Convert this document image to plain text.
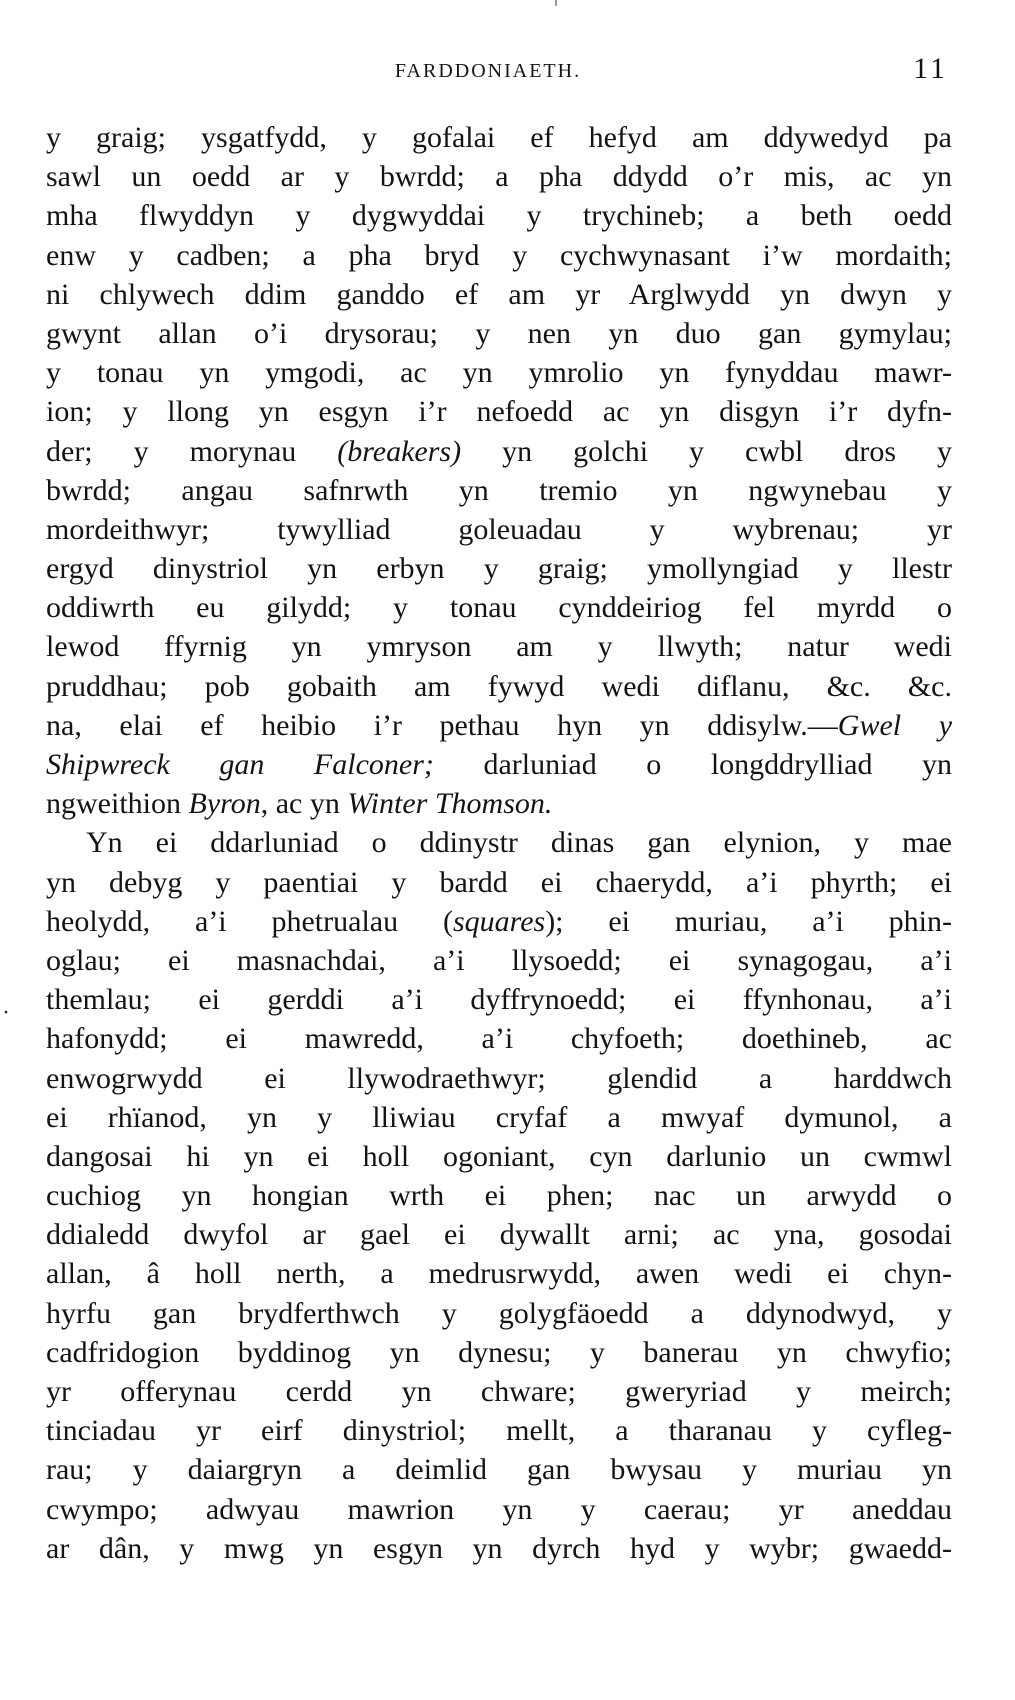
FARDDONIAETH.	11
·
y graig; ysgatfydd, y gofalai ef hefyd am ddywedyd pa
sawl un oedd ar y bwrdd; a pha ddydd o’r mis, ac yn
mha flwyddyn y dygwyddai y trychineb; a beth oedd
enw y cadben; a pha bryd y cychwynasant i’w mordaith;
ni chlywech ddim ganddo ef am yr Arglwydd yn dwyn y
gwynt allan o’i drysorau; y nen yn duo gan gymylau;
y tonau yn ymgodi, ac yn ymrolio yn fynyddau mawr-
ion; y llong yn esgyn i’r nefoedd ac yn disgyn i’r dyfn-
der; y morynau (breakers) yn golchi y cwbl dros y
bwrdd; angau safnrwth yn tremio yn ngwynebau y
mordeithwyr; tywylliad goleuadau y wybrenau; yr
ergyd dinystriol yn erbyn y graig; ymollyngiad y llestr
oddiwrth eu gilydd; y tonau cynddeiriog fel myrdd o
lewod ffyrnig yn ymryson am y llwyth; natur wedi
pruddhau; pob gobaith am fywyd wedi diflanu, &c. &c.
na, elai ef heibio i’r pethau hyn yn ddisylw.—Gwel y
Shipwreck gan Falconer; darluniad o longddrylliad yn
ngweithion Byron, ac yn Winter Thomson.
Yn ei ddarluniad o ddinystr dinas gan elynion, y mae
yn debyg y paentiai y bardd ei chaerydd, a’i phyrth; ei
heolydd, a’i phetrualau (squares); ei muriau, a’i phin-
oglau; ei masnachdai, a’i llysoedd; ei synagogau, a’i
themlau; ei gerddi a’i dyffrynoedd; ei ffynhonau, a’i
hafonydd; ei mawredd, a’i chyfoeth; doethineb, ac
enwogrwydd ei llywodraethwyr; glendid a harddwch
ei rhïanod, yn y lliwiau cryfaf a mwyaf dymunol, a
dangosai hi yn ei holl ogoniant, cyn darlunio un cwmwl
cuchiog yn hongian wrth ei phen; nac un arwydd o
ddialedd dwyfol ar gael ei dywallt arni; ac yna, gosodai
allan, â holl nerth, a medrusrwydd, awen wedi ei chyn-
hyrfu gan brydferthwch y golygfäoedd a ddynodwyd, y
cadfridogion byddinog yn dynesu; y banerau yn chwyfio;
yr offerynau cerdd yn chware; gweryriad y meirch;
tinciadau yr eirf dinystriol; mellt, a tharanau y cyfleg-
rau; y daiargryn a deimlid gan bwysau y muriau yn
cwympo; adwyau mawrion yn y caerau; yr aneddau
ar dân, y mwg yn esgyn yn dyrch hyd y wybr; gwaedd-
